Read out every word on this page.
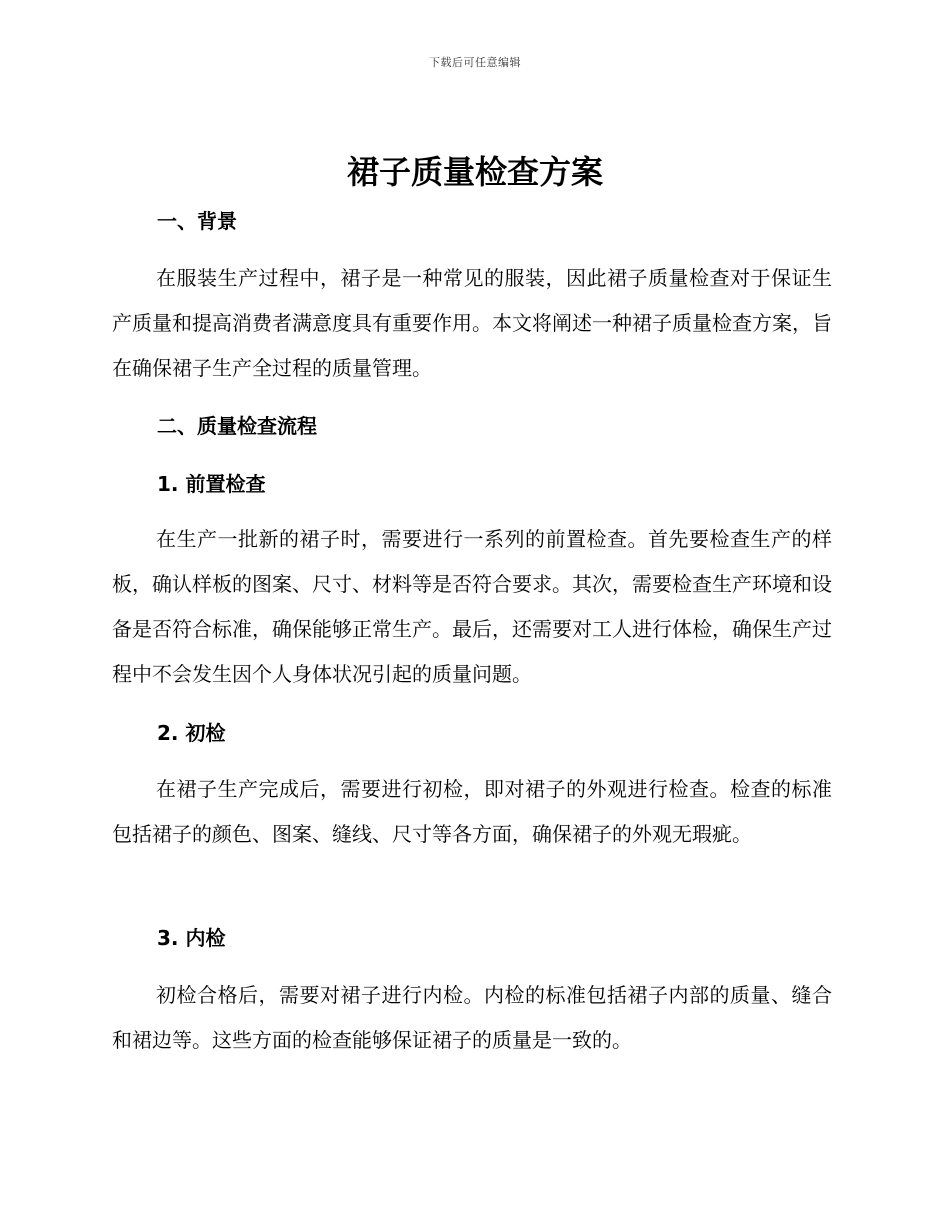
下载后可任意编辑
裙子质量检查方案
一、背景

在服装生产过程中，裙子是一种常见的服装，因此裙子质量检查对于保证生产质量和提高消费者满意度具有重要作用。本文将阐述一种裙子质量检查方案，旨在确保裙子生产全过程的质量管理。

二、质量检查流程
1. 前置检查

在生产一批新的裙子时，需要进行一系列的前置检查。首先要检查生产的样板，确认样板的图案、尺寸、材料等是否符合要求。其次，需要检查生产环境和设备是否符合标准，确保能够正常生产。最后，还需要对工人进行体检，确保生产过程中不会发生因个人身体状况引起的质量问题。

2. 初检

在裙子生产完成后，需要进行初检，即对裙子的外观进行检查。检查的标准包括裙子的颜色、图案、缝线、尺寸等各方面，确保裙子的外观无瑕疵。

3. 内检

初检合格后，需要对裙子进行内检。内检的标准包括裙子内部的质量、缝合和裙边等。这些方面的检查能够保证裙子的质量是一致的。
